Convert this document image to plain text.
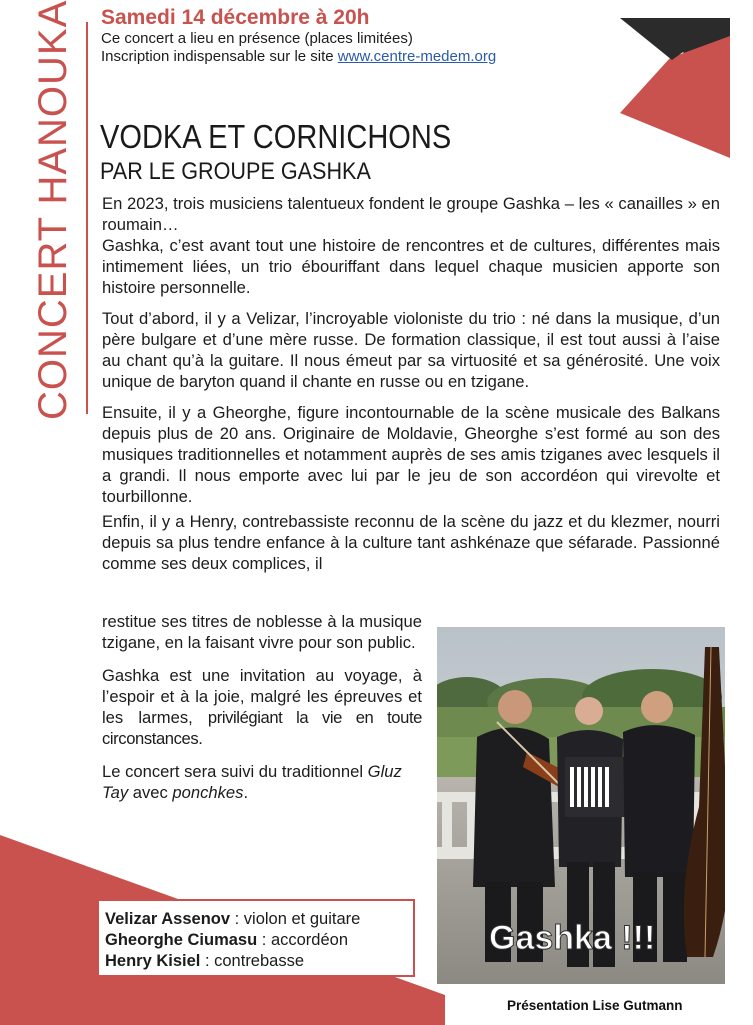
CONCERT HANOUKA Samedi 14 décembre à 20h
Ce concert a lieu en présence (places limitées)
Inscription indispensable sur le site www.centre-medem.org
VODKA ET CORNICHONS
PAR LE GROUPE GASHKA

En 2023, trois musiciens talentueux fondent le groupe Gashka – les « canailles » en roumain…

Gashka, c’est avant tout une histoire de rencontres et de cultures, différentes mais intimement liées, un trio ébouriffant dans lequel chaque musicien apporte son histoire personnelle.

Tout d’abord, il y a Velizar, l’incroyable violoniste du trio : né dans la musique, d’un père bulgare et d’une mère russe. De formation classique, il est tout aussi à l’aise au chant qu’à la guitare. Il nous émeut par sa virtuosité et sa générosité. Une voix unique de baryton quand il chante en russe ou en tzigane.

Ensuite, il y a Gheorghe, figure incontournable de la scène musicale des Balkans depuis plus de 20 ans. Originaire de Moldavie, Gheorghe s’est formé au son des musiques traditionnelles et notamment auprès de ses amis tziganes avec lesquels il a grandi. Il nous emporte avec lui par le jeu de son accordéon qui virevolte et tourbillonne.

Enfin, il y a Henry, contrebassiste reconnu de la scène du jazz et du klezmer, nourri depuis sa plus tendre enfance à la culture tant ashkénaze que séfarade. Passionné comme ses deux complices, il

restitue ses titres de noblesse à la musique tzigane, en la faisant vivre pour son public.

Gashka est une invitation au voyage, à l’espoir et à la joie, malgré les épreuves et les larmes, privilégiant la vie en toute circonstances.

Le concert sera suivi du traditionnel Gluz Tay avec ponchkes.

Gashka !!!
Velizar Assenov : violon et guitare
Gheorghe Ciumasu : accordéon
Henry Kisiel : contrebasse
Présentation Lise Gutmann
